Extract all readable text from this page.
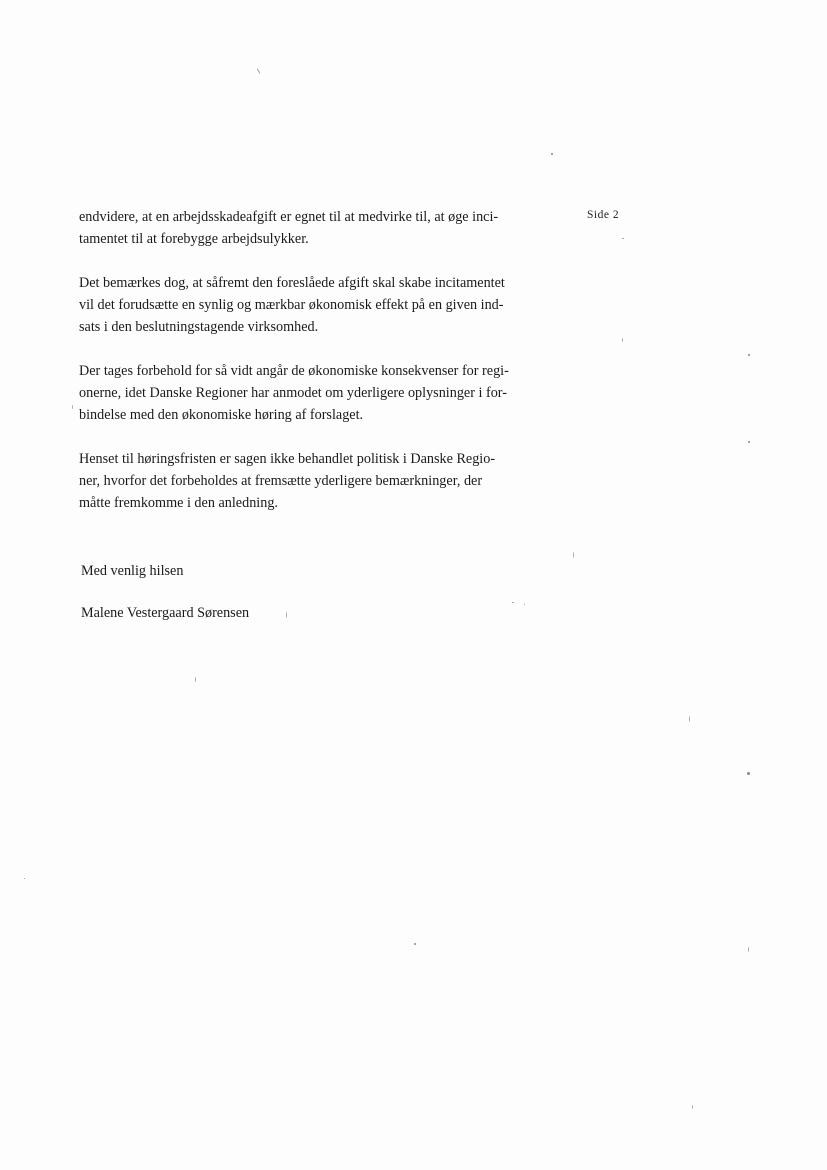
Side 2

endvidere, at en arbejdsskadeafgift er egnet til at medvirke til, at øge inci-
tamentet til at forebygge arbejdsulykker.

Det bemærkes dog, at såfremt den foreslåede afgift skal skabe incitamentet
vil det forudsætte en synlig og mærkbar økonomisk effekt på en given ind-
sats i den beslutningstagende virksomhed.

Der tages forbehold for så vidt angår de økonomiske konsekvenser for regi-
onerne, idet Danske Regioner har anmodet om yderligere oplysninger i for-
bindelse med den økonomiske høring af forslaget.

Henset til høringsfristen er sagen ikke behandlet politisk i Danske Regio-
ner, hvorfor det forbeholdes at fremsætte yderligere bemærkninger, der
måtte fremkomme i den anledning.

Med venlig hilsen
Malene Vestergaard Sørensen
